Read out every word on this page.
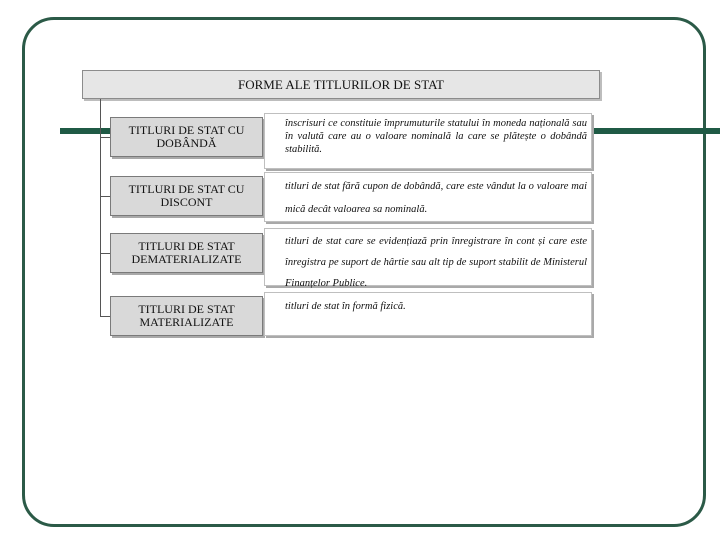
FORME ALE TITLURILOR DE STAT
TITLURI DE STAT CU DOBÂNDĂ
înscrisuri ce constituie împrumuturile statului în moneda națională sau în valută care au o valoare nominală la care se plătește o dobândă stabilită.
TITLURI DE STAT CU DISCONT
titluri de stat fără cupon de dobândă, care este vândut la o valoare mai mică decât valoarea sa nominală.
TITLURI DE STAT DEMATERIALIZATE
titluri de stat care se evidențiază prin înregistrare în cont și care este înregistra pe suport de hârtie sau alt tip de suport stabilit de Ministerul Finanțelor Publice.
TITLURI DE STAT MATERIALIZATE
titluri de stat în formă fizică.
